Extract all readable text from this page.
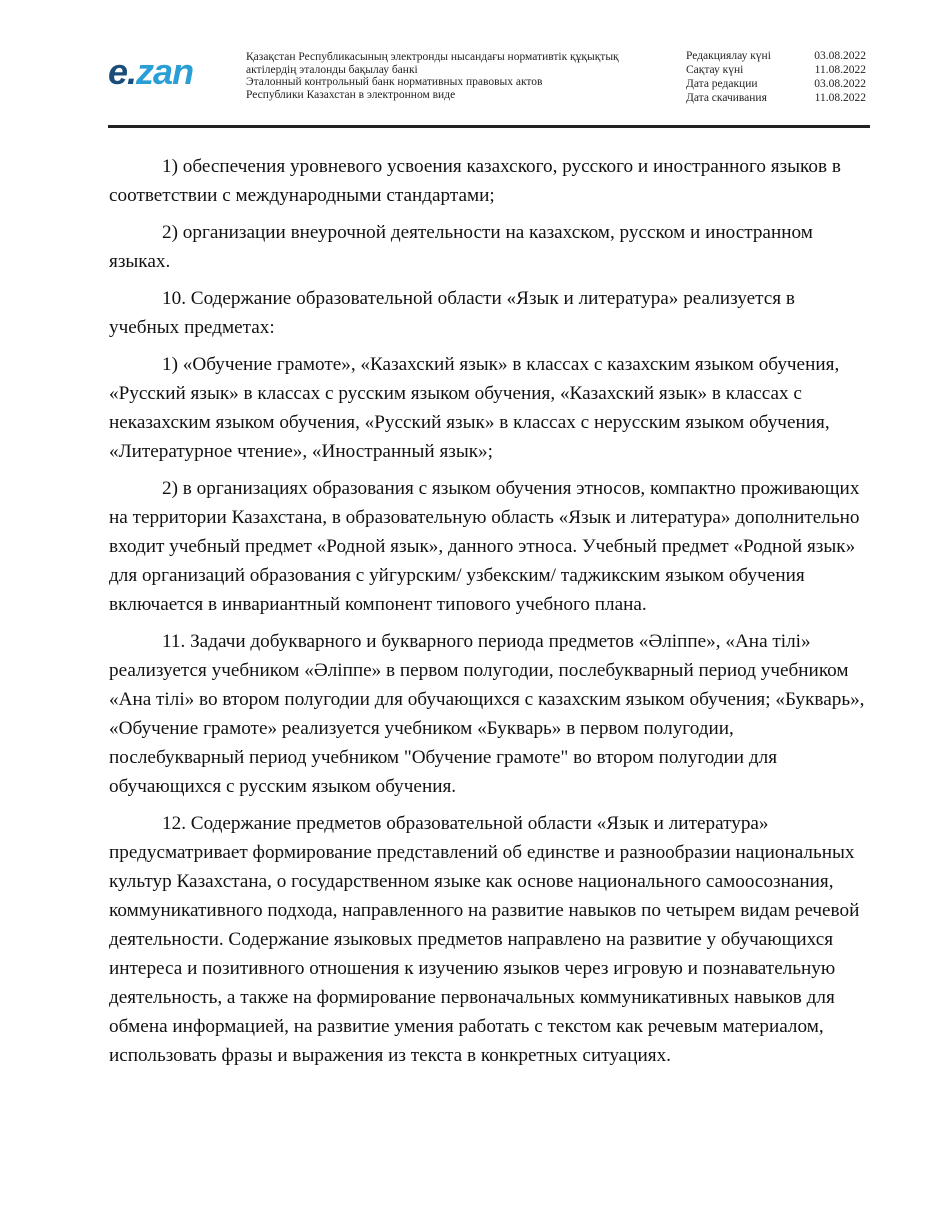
e.zan	Қазақстан Республикасының электронды нысандағы нормативтік құқықтық
актілердің эталонды бақылау банкі
Эталонный контрольный банк нормативных правовых актов
Республики Казахстан в электронном виде
Редакциялау күні	03.08.2022
Сақтау күні	11.08.2022
Дата редакции	03.08.2022
Дата скачивания	11.08.2022

1) обеспечения уровневого усвоения казахского, русского и иностранного языков в соответствии с международными стандартами;

2) организации внеурочной деятельности на казахском, русском и иностранном языках.

10. Содержание образовательной области «Язык и литература» реализуется в учебных предметах:

1) «Обучение грамоте», «Казахский язык» в классах с казахским языком обучения, «Русский язык» в классах с русским языком обучения, «Казахский язык» в классах с неказахским языком обучения, «Русский язык» в классах с нерусским языком обучения, «Литературное чтение», «Иностранный язык»;

2) в организациях образования с языком обучения этносов, компактно проживающих на территории Казахстана, в образовательную область «Язык и литература» дополнительно входит учебный предмет «Родной язык», данного этноса. Учебный предмет «Родной язык» для организаций образования с уйгурским/ узбекским/ таджикским языком обучения включается в инвариантный компонент типового учебного плана.

11. Задачи добукварного и букварного периода предметов «Әліппе», «Ана тілі» реализуется учебником «Әліппе» в первом полугодии, послебукварный период учебником «Ана тілі» во втором полугодии для обучающихся с казахским языком обучения; «Букварь», «Обучение грамоте» реализуется учебником «Букварь» в первом полугодии, послебукварный период учебником "Обучение грамоте" во втором полугодии для обучающихся с русским языком обучения.

12. Содержание предметов образовательной области «Язык и литература» предусматривает формирование представлений об единстве и разнообразии национальных культур Казахстана, о государственном языке как основе национального самоосознания, коммуникативного подхода, направленного на развитие навыков по четырем видам речевой деятельности. Содержание языковых предметов направлено на развитие у обучающихся интереса и позитивного отношения к изучению языков через игровую и познавательную деятельность, а также на формирование первоначальных коммуникативных навыков для обмена информацией, на развитие умения работать с текстом как речевым материалом, использовать фразы и выражения из текста в конкретных ситуациях.
